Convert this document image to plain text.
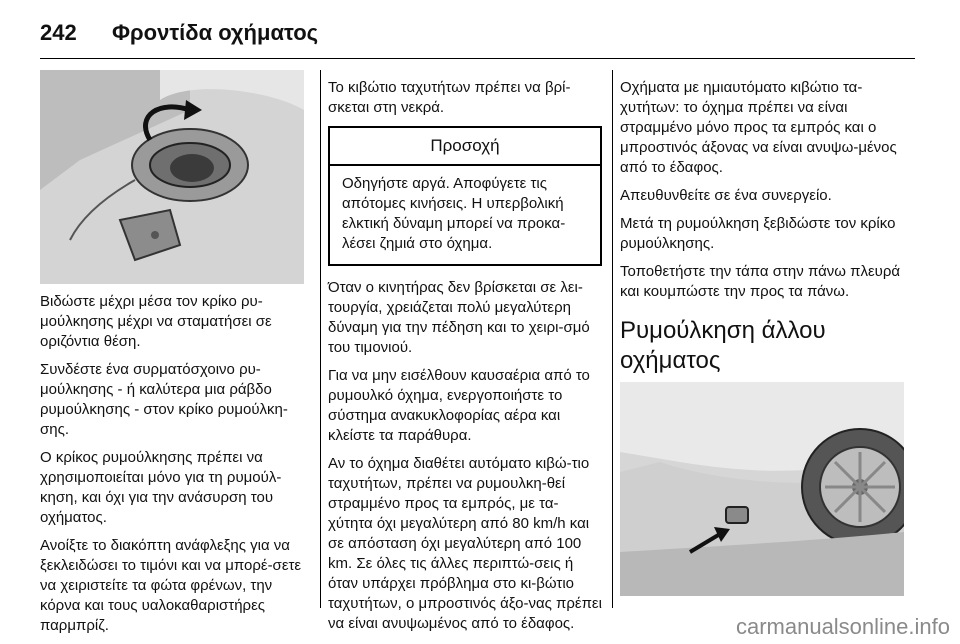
242 Φροντίδα οχήματος

Βιδώστε μέχρι μέσα τον κρίκο ρυ-μούλκησης μέχρι να σταματήσει σε οριζόντια θέση.

Συνδέστε ένα συρματόσχοινο ρυ-μούλκησης - ή καλύτερα μια ράβδο ρυμούλκησης - στον κρίκο ρυμούλκη-σης.

Ο κρίκος ρυμούλκησης πρέπει να χρησιμοποιείται μόνο για τη ρυμούλ-κηση, και όχι για την ανάσυρση του οχήματος.

Ανοίξτε το διακόπτη ανάφλεξης για να ξεκλειδώσει το τιμόνι και να μπορέ-σετε να χειριστείτε τα φώτα φρένων, την κόρνα και τους υαλοκαθαριστήρες παρμπρίζ.

Το κιβώτιο ταχυτήτων πρέπει να βρί-σκεται στη νεκρά.

Προσοχή
Οδηγήστε αργά. Αποφύγετε τις απότομες κινήσεις. Η υπερβολική ελκτική δύναμη μπορεί να προκα-λέσει ζημιά στο όχημα.

Όταν ο κινητήρας δεν βρίσκεται σε λει-τουργία, χρειάζεται πολύ μεγαλύτερη δύναμη για την πέδηση και το χειρι-σμό του τιμονιού.

Για να μην εισέλθουν καυσαέρια από το ρυμουλκό όχημα, ενεργοποιήστε το σύστημα ανακυκλοφορίας αέρα και κλείστε τα παράθυρα.

Αν το όχημα διαθέτει αυτόματο κιβώ-τιο ταχυτήτων, πρέπει να ρυμουλκη-θεί στραμμένο προς τα εμπρός, με τα-χύτητα όχι μεγαλύτερη από 80 km/h και σε απόσταση όχι μεγαλύτερη από 100 km. Σε όλες τις άλλες περιπτώ-σεις ή όταν υπάρχει πρόβλημα στο κι-βώτιο ταχυτήτων, ο μπροστινός άξο-νας πρέπει να είναι ανυψωμένος από το έδαφος.

Οχήματα με ημιαυτόματο κιβώτιο τα-χυτήτων: το όχημα πρέπει να είναι στραμμένο μόνο προς τα εμπρός και ο μπροστινός άξονας να είναι ανυψω-μένος από το έδαφος.

Απευθυνθείτε σε ένα συνεργείο.

Μετά τη ρυμούλκηση ξεβιδώστε τον κρίκο ρυμούλκησης.

Τοποθετήστε την τάπα στην πάνω πλευρά και κουμπώστε την προς τα πάνω.

Ρυμούλκηση άλλου οχήματος
carmanualsonline.info
